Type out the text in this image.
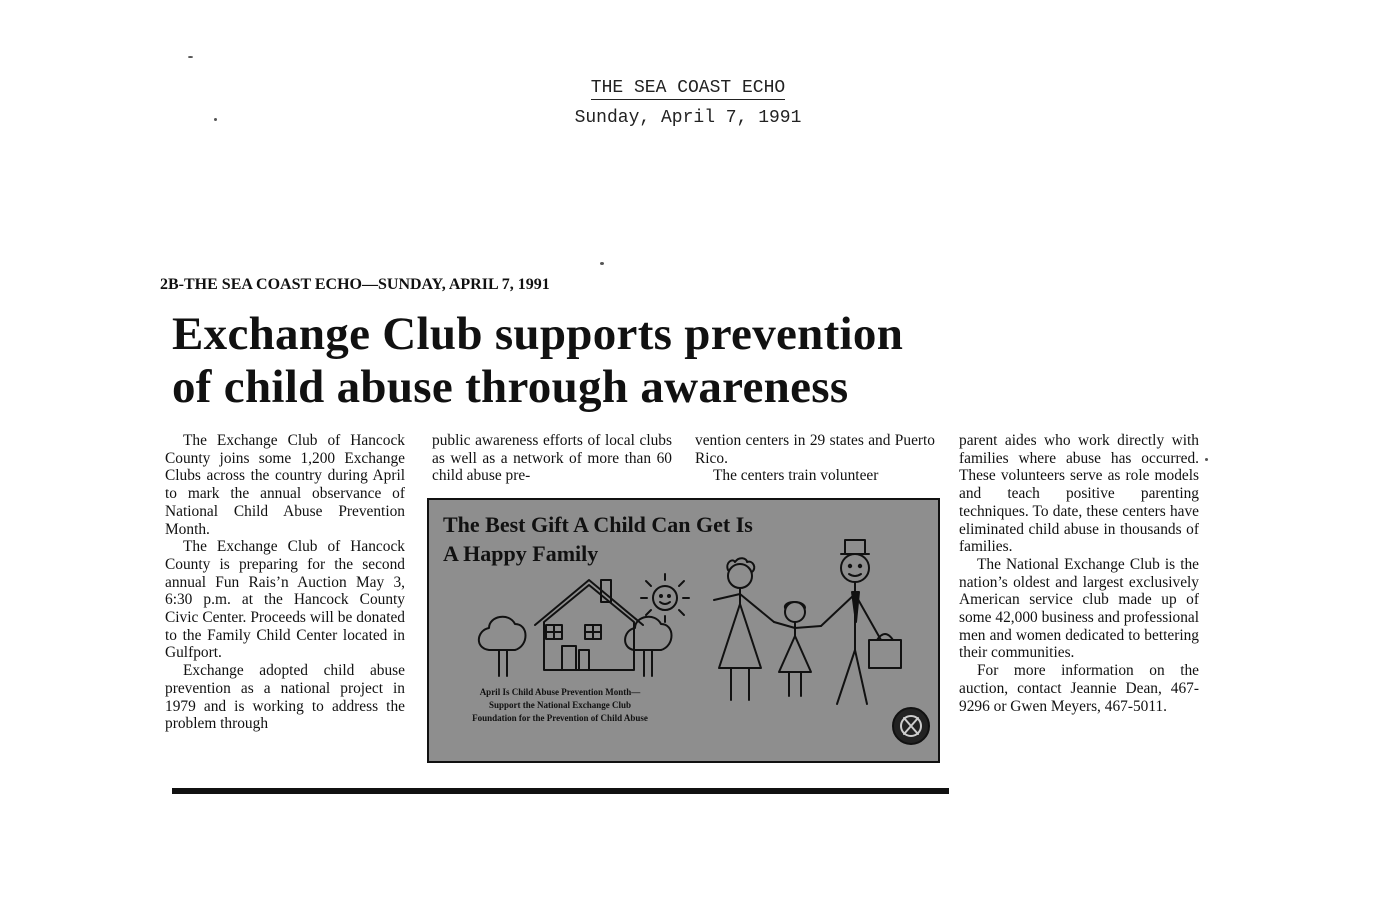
THE SEA COAST ECHO
Sunday, April 7, 1991
2B-THE SEA COAST ECHO—SUNDAY, APRIL 7, 1991
Exchange Club supports prevention
of child abuse through awareness

The Exchange Club of Hancock County joins some 1,200 Exchange Clubs across the country during April to mark the annual observance of National Child Abuse Prevention Month.

The Exchange Club of Hancock County is preparing for the second annual Fun Rais’n Auction May 3, 6:30 p.m. at the Hancock County Civic Center. Proceeds will be donated to the Family Child Center located in Gulfport.

Exchange adopted child abuse prevention as a national project in 1979 and is working to address the problem through

public awareness efforts of local clubs as well as a network of more than 60 child abuse pre-

vention centers in 29 states and Puerto Rico.

The centers train volunteer

parent aides who work directly with families where abuse has occurred. These volunteers serve as role models and teach positive parenting techniques. To date, these centers have eliminated child abuse in thousands of families.

The National Exchange Club is the nation’s oldest and largest exclusively American service club made up of some 42,000 business and professional men and women dedicated to bettering their communities.

For more information on the auction, contact Jeannie Dean, 467-9296 or Gwen Meyers, 467-5011.

The Best Gift A Child Can Get Is
A Happy Family
April Is Child Abuse Prevention Month—
Support the National Exchange Club
Foundation for the Prevention of Child Abuse
